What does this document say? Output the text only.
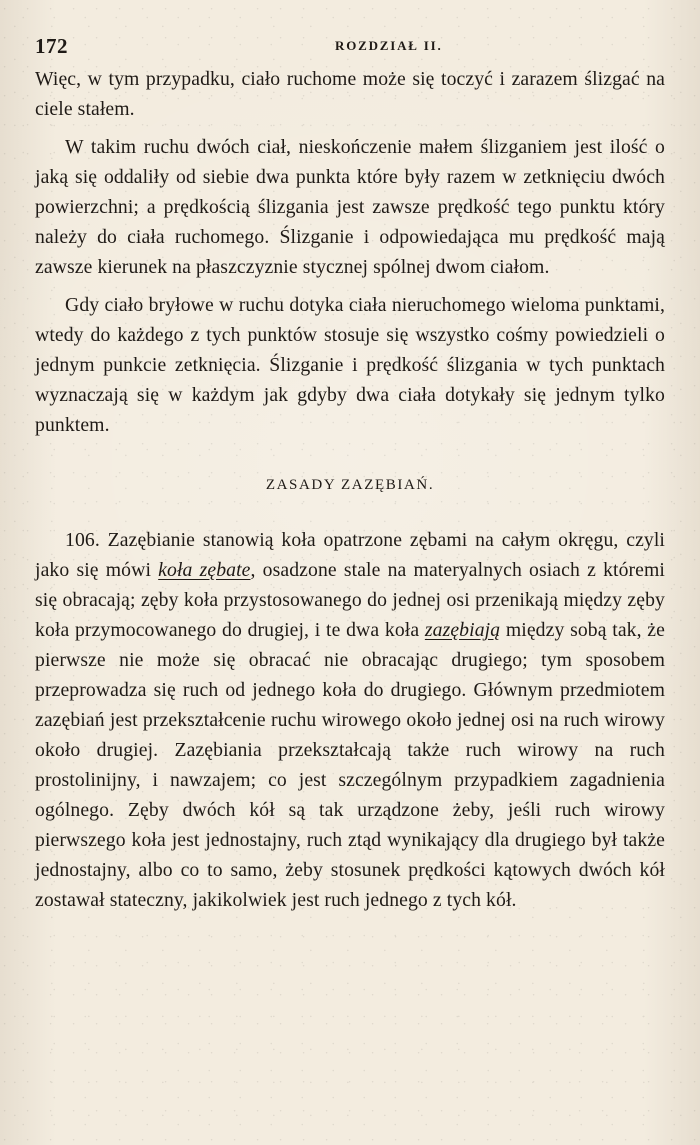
172	ROZDZIAŁ II.

Więc, w tym przypadku, ciało ruchome może się toczyć i zarazem ślizgać na ciele stałem.

W takim ruchu dwóch ciał, nieskończenie małem ślizganiem jest ilość o jaką się oddaliły od siebie dwa punkta które były razem w zetknięciu dwóch powierzchni; a prędkością ślizgania jest zawsze prędkość tego punktu który należy do ciała ruchomego. Ślizganie i odpowiedająca mu prędkość mają zawsze kierunek na płaszczyznie stycznej spólnej dwom ciałom.

Gdy ciało bryłowe w ruchu dotyka ciała nieruchomego wieloma punktami, wtedy do każdego z tych punktów stosuje się wszystko cośmy powiedzieli o jednym punkcie zetknięcia. Ślizganie i prędkość ślizgania w tych punktach wyznaczają się w każdym jak gdyby dwa ciała dotykały się jednym tylko punktem.

ZASADY ZAZĘBIAŃ.

106. Zazębianie stanowią koła opatrzone zębami na całym okręgu, czyli jako się mówi koła zębate, osadzone stale na materyalnych osiach z któremi się obracają; zęby koła przystosowanego do jednej osi przenikają między zęby koła przymocowanego do drugiej, i te dwa koła zazębiają między sobą tak, że pierwsze nie może się obracać nie obracając drugiego; tym sposobem przeprowadza się ruch od jednego koła do drugiego. Głównym przedmiotem zazębiań jest przekształcenie ruchu wirowego około jednej osi na ruch wirowy około drugiej. Zazębiania przekształcają także ruch wirowy na ruch prostolinijny, i nawzajem; co jest szczególnym przypadkiem zagadnienia ogólnego. Zęby dwóch kół są tak urządzone żeby, jeśli ruch wirowy pierwszego koła jest jednostajny, ruch ztąd wynikający dla drugiego był także jednostajny, albo co to samo, żeby stosunek prędkości kątowych dwóch kół zostawał stateczny, jakikolwiek jest ruch jednego z tych kół.
